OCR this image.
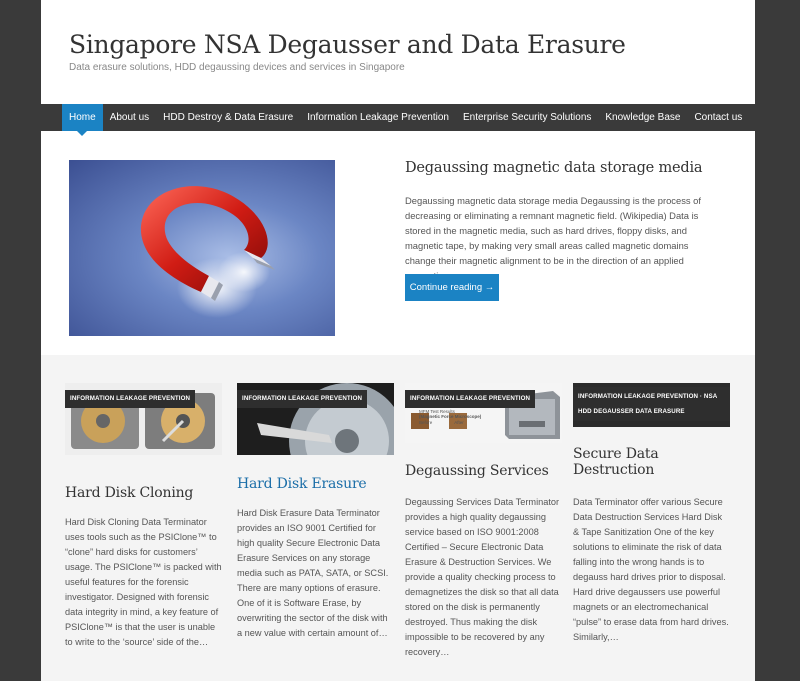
Singapore NSA Degausser and Data Erasure
Data erasure solutions, HDD degaussing devices and services in Singapore
Home	About us	HDD Destroy & Data Erasure	Information Leakage Prevention	Enterprise Security Solutions	Knowledge Base	Contact us
Degaussing magnetic data storage media
Degaussing magnetic data storage media Degaussing is the process of decreasing or eliminating a remnant magnetic field. (Wikipedia) Data is stored in the magnetic media, such as hard drives, floppy disks, and magnetic tape, by making very small areas called magnetic domains change their magnetic alignment to be in the direction of an applied
Continue reading →
INFORMATION LEAKAGE PREVENTION
Hard Disk Cloning
Hard Disk Cloning Data Terminator uses tools such as the PSIClone™ to “clone” hard disks for customers’ usage. The PSIClone™ is packed with useful features for the forensic investigator. Designed with forensic data integrity in mind, a key feature of PSIClone™ is that the user is unable to write to the ‘source’ side of the…
INFORMATION LEAKAGE PREVENTION
Hard Disk Erasure
Hard Disk Erasure Data Terminator provides an ISO 9001 Certified for high quality Secure Electronic Data Erasure Services on any storage media such as PATA, SATA, or SCSI. There are many options of erasure. One of it is Software Erase, by overwriting the sector of the disk with a new value with certain amount of…
INFORMATION LEAKAGE PREVENTION
MFM Test Results
(Magnetic Force Microscope)
Before	After
Degaussing Services
Degaussing Services Data Terminator provides a high quality degaussing service based on ISO 9001:2008 Certified – Secure Electronic Data Erasure & Destruction Services. We provide a quality checking process to demagnetizes the disk so that all data stored on the disk is permanently destroyed. Thus making the disk impossible to be recovered by any recovery…
INFORMATION LEAKAGE PREVENTION · NSA HDD DEGAUSSER DATA ERASURE
Secure Data Destruction
Data Terminator offer various Secure Data Destruction Services Hard Disk & Tape Sanitization One of the key solutions to eliminate the risk of data falling into the wrong hands is to degauss hard drives prior to disposal. Hard drive degaussers use powerful magnets or an electromechanical “pulse” to erase data from hard drives. Similarly,…
